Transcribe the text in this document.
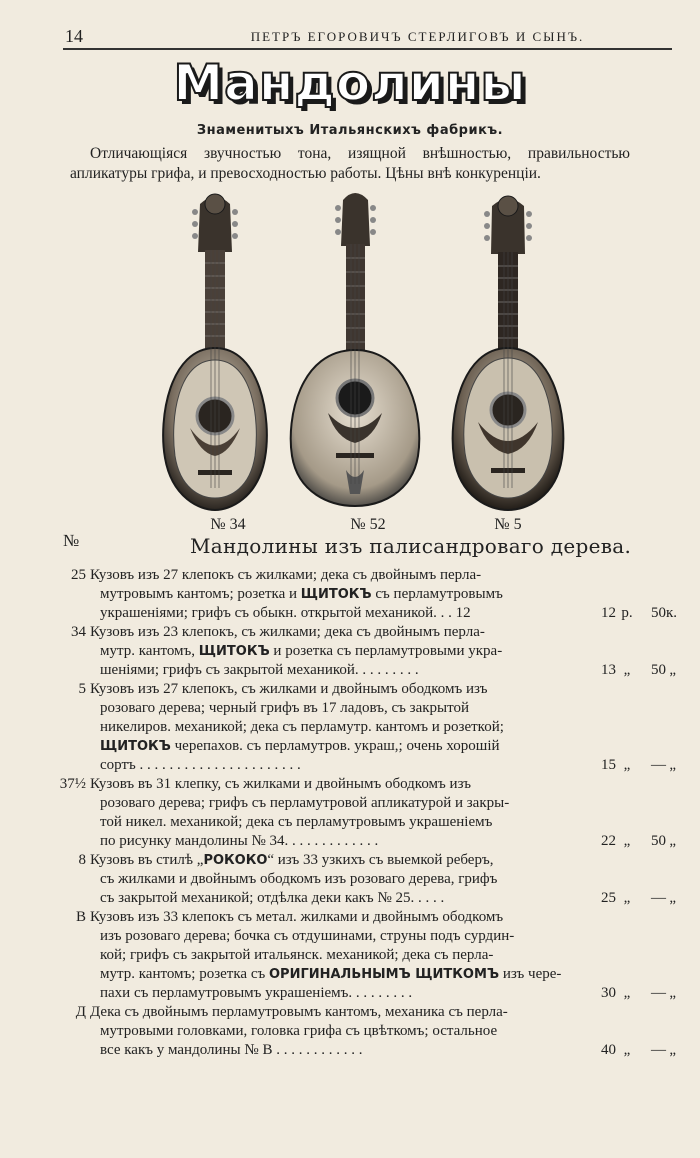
14	ПЕТРЪ ЕГОРОВИЧЪ СТЕРЛИГОВЪ И СЫНЪ.
Мандолины
Знаменитыхъ Итальянскихъ фабрикъ.
Отличающіяся звучностью тона, изящной внѣшностью, правильностью апликатуры грифа, и превосходностью работы. Цѣны внѣ конкуренціи.
№ 34	№ 52	№ 5
№	Мандолины изъ палисандроваго дерева.
25 Кузовъ изъ 27 клепокъ съ жилками; дека съ двойнымъ перла-
мутровымъ кантомъ; розетка и ЩИТОКЪ съ перламутровымъ
украшеніями; грифъ съ обыкн. открытой механикой. . . 12	12 р. 50к.
34 Кузовъ изъ 23 клепокъ, съ жилками; дека съ двойнымъ перла-
мутр. кантомъ, ЩИТОКЪ и розетка съ перламутровыми укра-
шеніями; грифъ съ закрытой механикой. . . . . . . . .	13 „ 50 „
5 Кузовъ изъ 27 клепокъ, съ жилками и двойнымъ ободкомъ изъ
розоваго дерева; черный грифъ въ 17 ладовъ, съ закрытой
никелиров. механикой; дека съ перламутр. кантомъ и розеткой;
ЩИТОКЪ черепахов. съ перламутров. украш,; очень хорошій
сортъ . . . . . . . . . . . . . . . . . . . . . .	15 „ — „
37½ Кузовъ въ 31 клепку, съ жилками и двойнымъ ободкомъ изъ
розоваго дерева; грифъ съ перламутровой апликатурой и закры-
той никел. механикой; дека съ перламутровымъ украшеніемъ
по рисунку мандолины № 34. . . . . . . . . . . . .	22 „ 50 „
8 Кузовъ въ стилѣ „РОКОКО“ изъ 33 узкихъ съ выемкой реберъ,
съ жилками и двойнымъ ободкомъ изъ розоваго дерева, грифъ
съ закрытой механикой; отдѣлка деки какъ № 25. . . . .	25 „ — „
В Кузовъ изъ 33 клепокъ съ метал. жилками и двойнымъ ободкомъ
изъ розоваго дерева; бочка съ отдушинами, струны подъ сурдин-
кой; грифъ съ закрытой итальянск. механикой; дека съ перла-
мутр. кантомъ; розетка съ ОРИГИНАЛЬНЫМЪ ЩИТКОМЪ изъ чере-
пахи съ перламутровымъ украшеніемъ. . . . . . . . .	30 „ — „
Д Дека съ двойнымъ перламутровымъ кантомъ, механика съ перла-
мутровыми головками, головка грифа съ цвѣткомъ; остальное
все какъ у мандолины № В . . . . . . . . . . . .	40 „ — „
